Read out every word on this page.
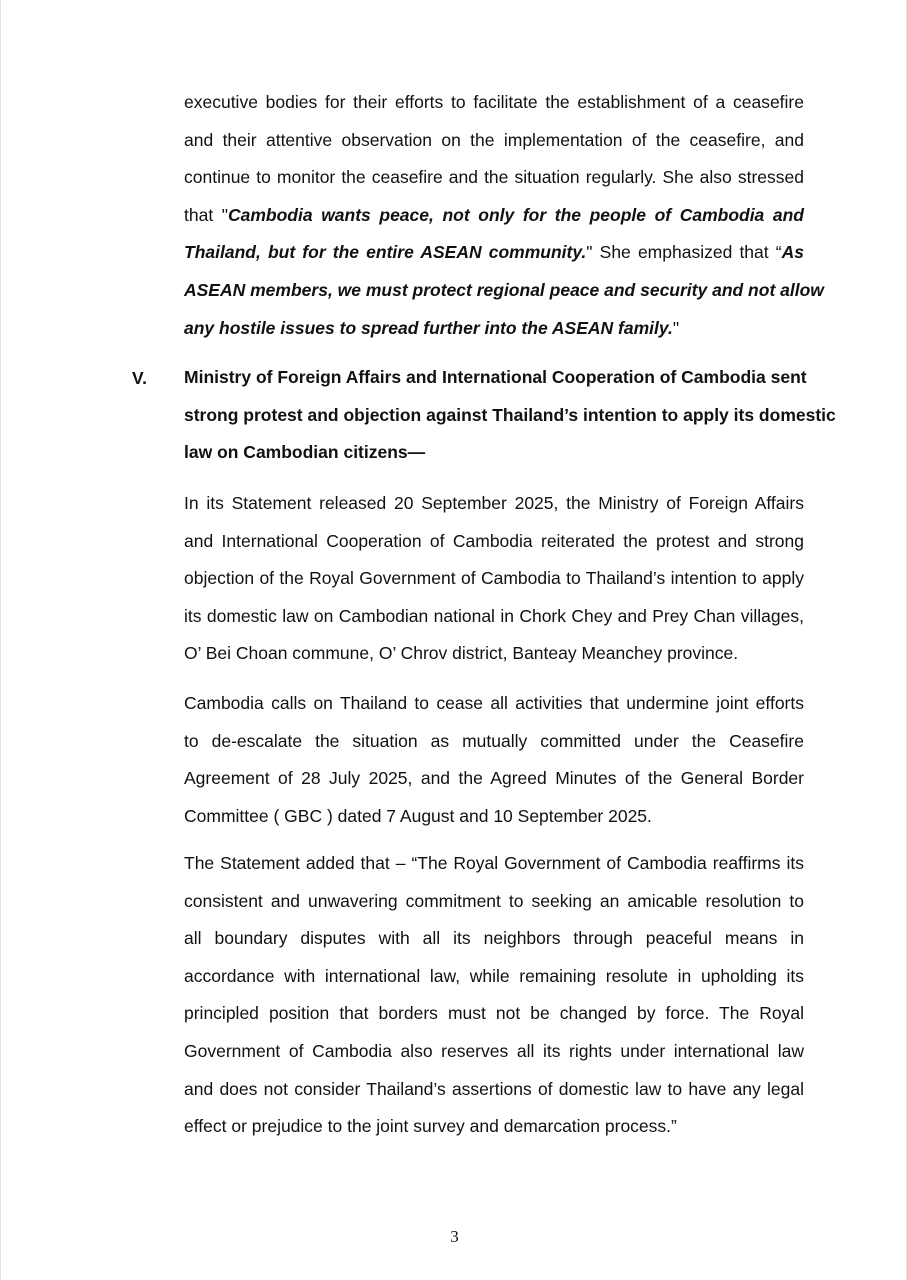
executive bodies for their efforts to facilitate the establishment of a ceasefire
and their attentive observation on the implementation of the ceasefire, and
continue to monitor the ceasefire and the situation regularly. She also stressed
that "Cambodia wants peace, not only for the people of Cambodia and
Thailand, but for the entire ASEAN community." She emphasized that “As
ASEAN members, we must protect regional peace and security and not allow
any hostile issues to spread further into the ASEAN family."
V. Ministry of Foreign Affairs and International Cooperation of Cambodia sent
strong protest and objection against Thailand’s intention to apply its domestic
law on Cambodian citizens—
In its Statement released 20 September 2025, the Ministry of Foreign Affairs
and International Cooperation of Cambodia reiterated the protest and strong
objection of the Royal Government of Cambodia to Thailand’s intention to apply
its domestic law on Cambodian national in Chork Chey and Prey Chan villages,
O’ Bei Choan commune, O’ Chrov district, Banteay Meanchey province.
Cambodia calls on Thailand to cease all activities that undermine joint efforts
to de-escalate the situation as mutually committed under the Ceasefire
Agreement of 28 July 2025, and the Agreed Minutes of the General Border
Committee ( GBC ) dated 7 August and 10 September 2025.
The Statement added that – “The Royal Government of Cambodia reaffirms its
consistent and unwavering commitment to seeking an amicable resolution to
all boundary disputes with all its neighbors through peaceful means in
accordance with international law, while remaining resolute in upholding its
principled position that borders must not be changed by force. The Royal
Government of Cambodia also reserves all its rights under international law
and does not consider Thailand’s assertions of domestic law to have any legal
effect or prejudice to the joint survey and demarcation process.”
3
